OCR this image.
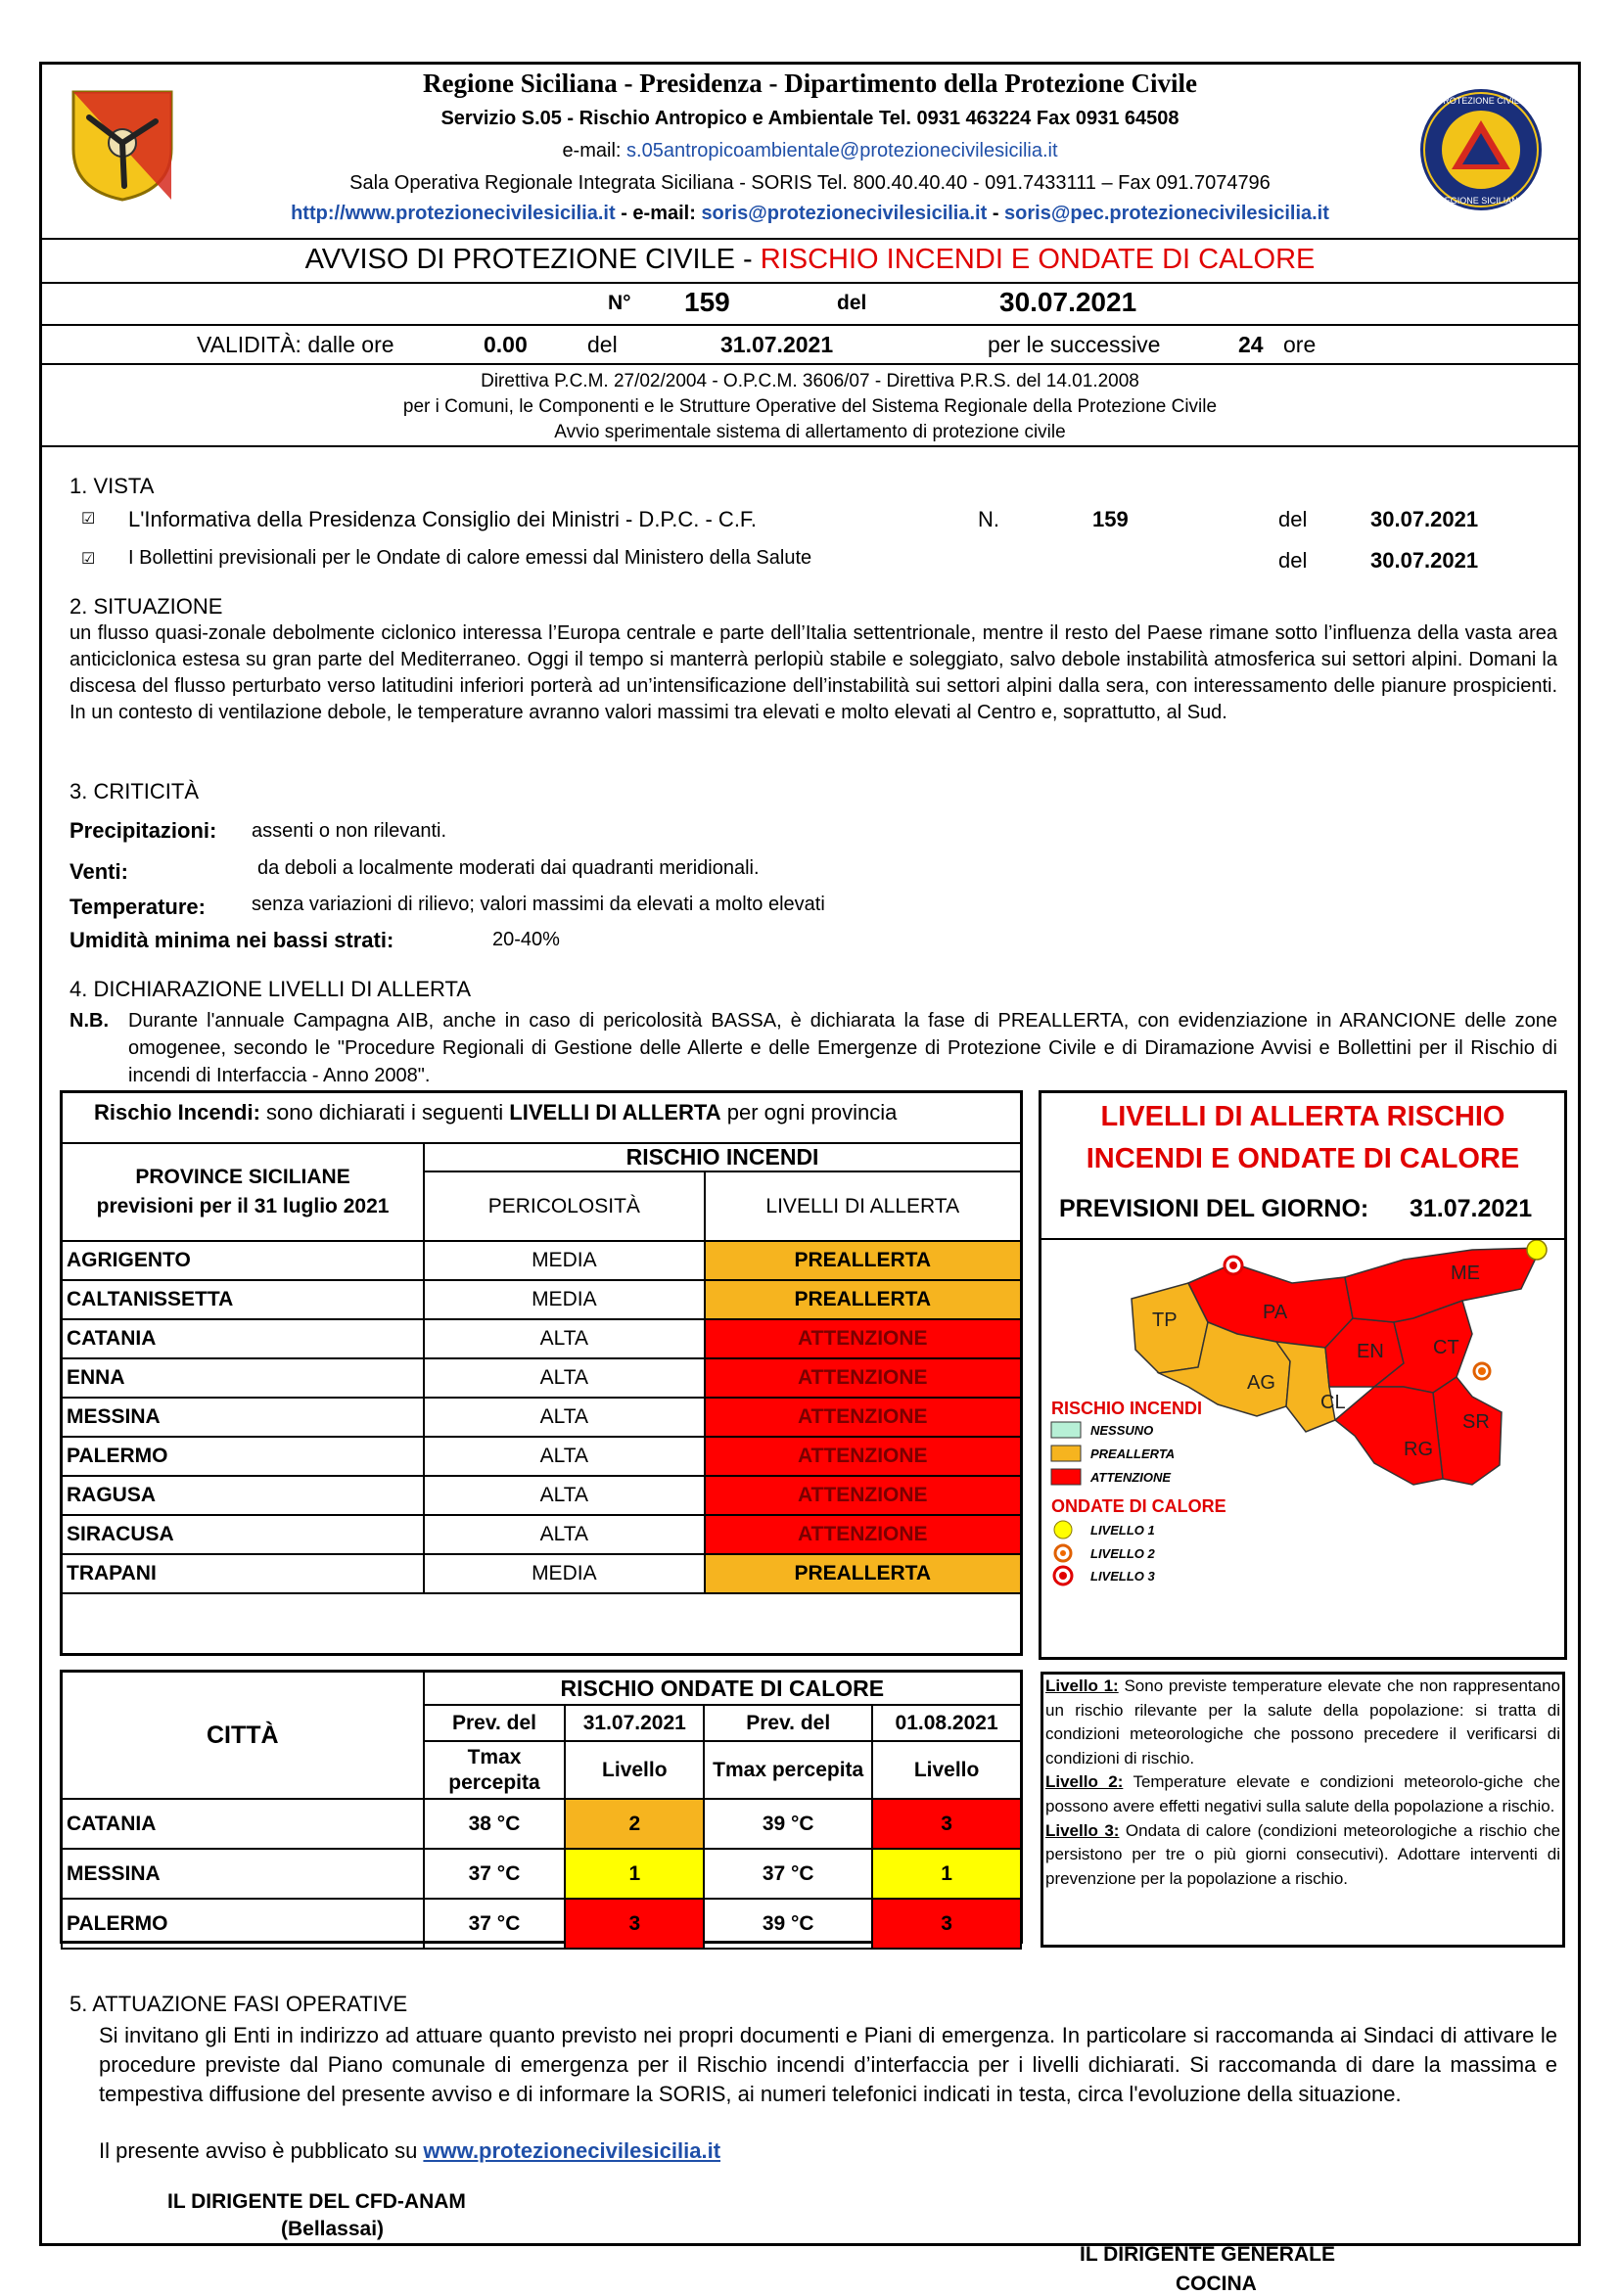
Regione Siciliana - Presidenza - Dipartimento della Protezione Civile
Servizio S.05 - Rischio Antropico e Ambientale Tel. 0931 463224 Fax 0931 64508
e-mail: s.05antropicoambientale@protezionecivilesicilia.it
Sala Operativa Regionale Integrata Siciliana - SORIS Tel. 800.40.40.40 - 091.7433111 – Fax 091.7074796
http://www.protezionecivilesicilia.it - e-mail: soris@protezionecivilesicilia.it - soris@pec.protezionecivilesicilia.it
PROTEZIONE CIVILE
REGIONE SICILIANA
AVVISO DI PROTEZIONE CIVILE - RISCHIO INCENDI E ONDATE DI CALORE
N° 159	del	30.07.2021
VALIDITÀ: dalle ore	0.00	del	31.07.2021	per le successive	24 ore
Direttiva P.C.M. 27/02/2004 - O.P.C.M. 3606/07 - Direttiva P.R.S. del 14.01.2008
per i Comuni, le Componenti e le Strutture Operative del Sistema Regionale della Protezione Civile
Avvio sperimentale sistema di allertamento di protezione civile
1. VISTA
☑ L'Informativa della Presidenza Consiglio dei Ministri - D.P.C. - C.F.	N.	159	del	30.07.2021
☑ I Bollettini previsionali per le Ondate di calore emessi dal Ministero della Salute	del	30.07.2021
2. SITUAZIONE
un flusso quasi-zonale debolmente ciclonico interessa l’Europa centrale e parte dell’Italia settentrionale, mentre il resto del Paese rimane sotto l’influenza della vasta area anticiclonica estesa su gran parte del Mediterraneo. Oggi il tempo si manterrà perlopiù stabile e soleggiato, salvo debole instabilità atmosferica sui settori alpini. Domani la discesa del flusso perturbato verso latitudini inferiori porterà ad un’intensificazione dell’instabilità sui settori alpini dalla sera, con interessamento delle pianure prospicienti. In un contesto di ventilazione debole, le temperature avranno valori massimi tra elevati e molto elevati al Centro e, soprattutto, al Sud.
3. CRITICITÀ
Precipitazioni: assenti o non rilevanti.
Venti:	da deboli a localmente moderati dai quadranti meridionali.
Temperature: senza variazioni di rilievo; valori massimi da elevati a molto elevati
Umidità minima nei bassi strati:	20-40%
4. DICHIARAZIONE LIVELLI DI ALLERTA
N.B. Durante l'annuale Campagna AIB, anche in caso di pericolosità BASSA, è dichiarata la fase di PREALLERTA, con evidenziazione in ARANCIONE delle zone omogenee, secondo le "Procedure Regionali di Gestione delle Allerte e delle Emergenze di Protezione Civile e di Diramazione Avvisi e Bollettini per il Rischio di incendi di Interfaccia - Anno 2008".
Rischio Incendi: sono dichiarati i seguenti LIVELLI DI ALLERTA per ogni provincia
PROVINCE SICILIANE previsioni per il 31 luglio 2021	RISCHIO INCENDI	
	PERICOLOSITÀ	LIVELLI DI ALLERTA
AGRIGENTO	MEDIA	PREALLERTA
CALTANISSETTA	MEDIA	PREALLERTA
CATANIA	ALTA	ATTENZIONE
ENNA	ALTA	ATTENZIONE
MESSINA	ALTA	ATTENZIONE
PALERMO	ALTA	ATTENZIONE
RAGUSA	ALTA	ATTENZIONE
SIRACUSA	ALTA	ATTENZIONE
TRAPANI	MEDIA	PREALLERTA
LIVELLI DI ALLERTA RISCHIO
INCENDI E ONDATE DI CALORE
PREVISIONI DEL GIORNO: 31.07.2021
TP	PA
AG
CL
EN
ME
CT
SR
RG
RISCHIO INCENDI
NESSUNO
PREALLERTA
ATTENZIONE
ONDATE DI CALORE
LIVELLO 1
LIVELLO 2
LIVELLO 3
CITTÀ	RISCHIO ONDATE DI CALORE			
	Prev. del	31.07.2021	Prev. del	01.08.2021
	Tmax percepita	Livello	Tmax percepita	Livello
CATANIA	38 °C	2	39 °C	3
MESSINA	37 °C	1	37 °C	1
PALERMO	37 °C	3	39 °C	3
Livello 1: Sono previste temperature elevate che non rappresentano un rischio rilevante per la salute della popolazione: si tratta di condizioni meteorologiche che possono precedere il verificarsi di condizioni di rischio.
Livello 2: Temperature elevate e condizioni meteorolo-giche che possono avere effetti negativi sulla salute della popolazione a rischio.
Livello 3: Ondata di calore (condizioni meteorologiche a rischio che persistono per tre o più giorni consecutivi). Adottare interventi di prevenzione per la popolazione a rischio.
5. ATTUAZIONE FASI OPERATIVE
Si invitano gli Enti in indirizzo ad attuare quanto previsto nei propri documenti e Piani di emergenza. In particolare si raccomanda ai Sindaci di attivare le procedure previste dal Piano comunale di emergenza per il Rischio incendi d’interfaccia per i livelli dichiarati. Si raccomanda di dare la massima e tempestiva diffusione del presente avviso e di informare la SORIS, ai numeri telefonici indicati in testa, circa l'evoluzione della situazione.
Il presente avviso è pubblicato su www.protezionecivilesicilia.it
IL DIRIGENTE DEL CFD-ANAM
(Bellassai)
IL DIRIGENTE GENERALE
COCINA
